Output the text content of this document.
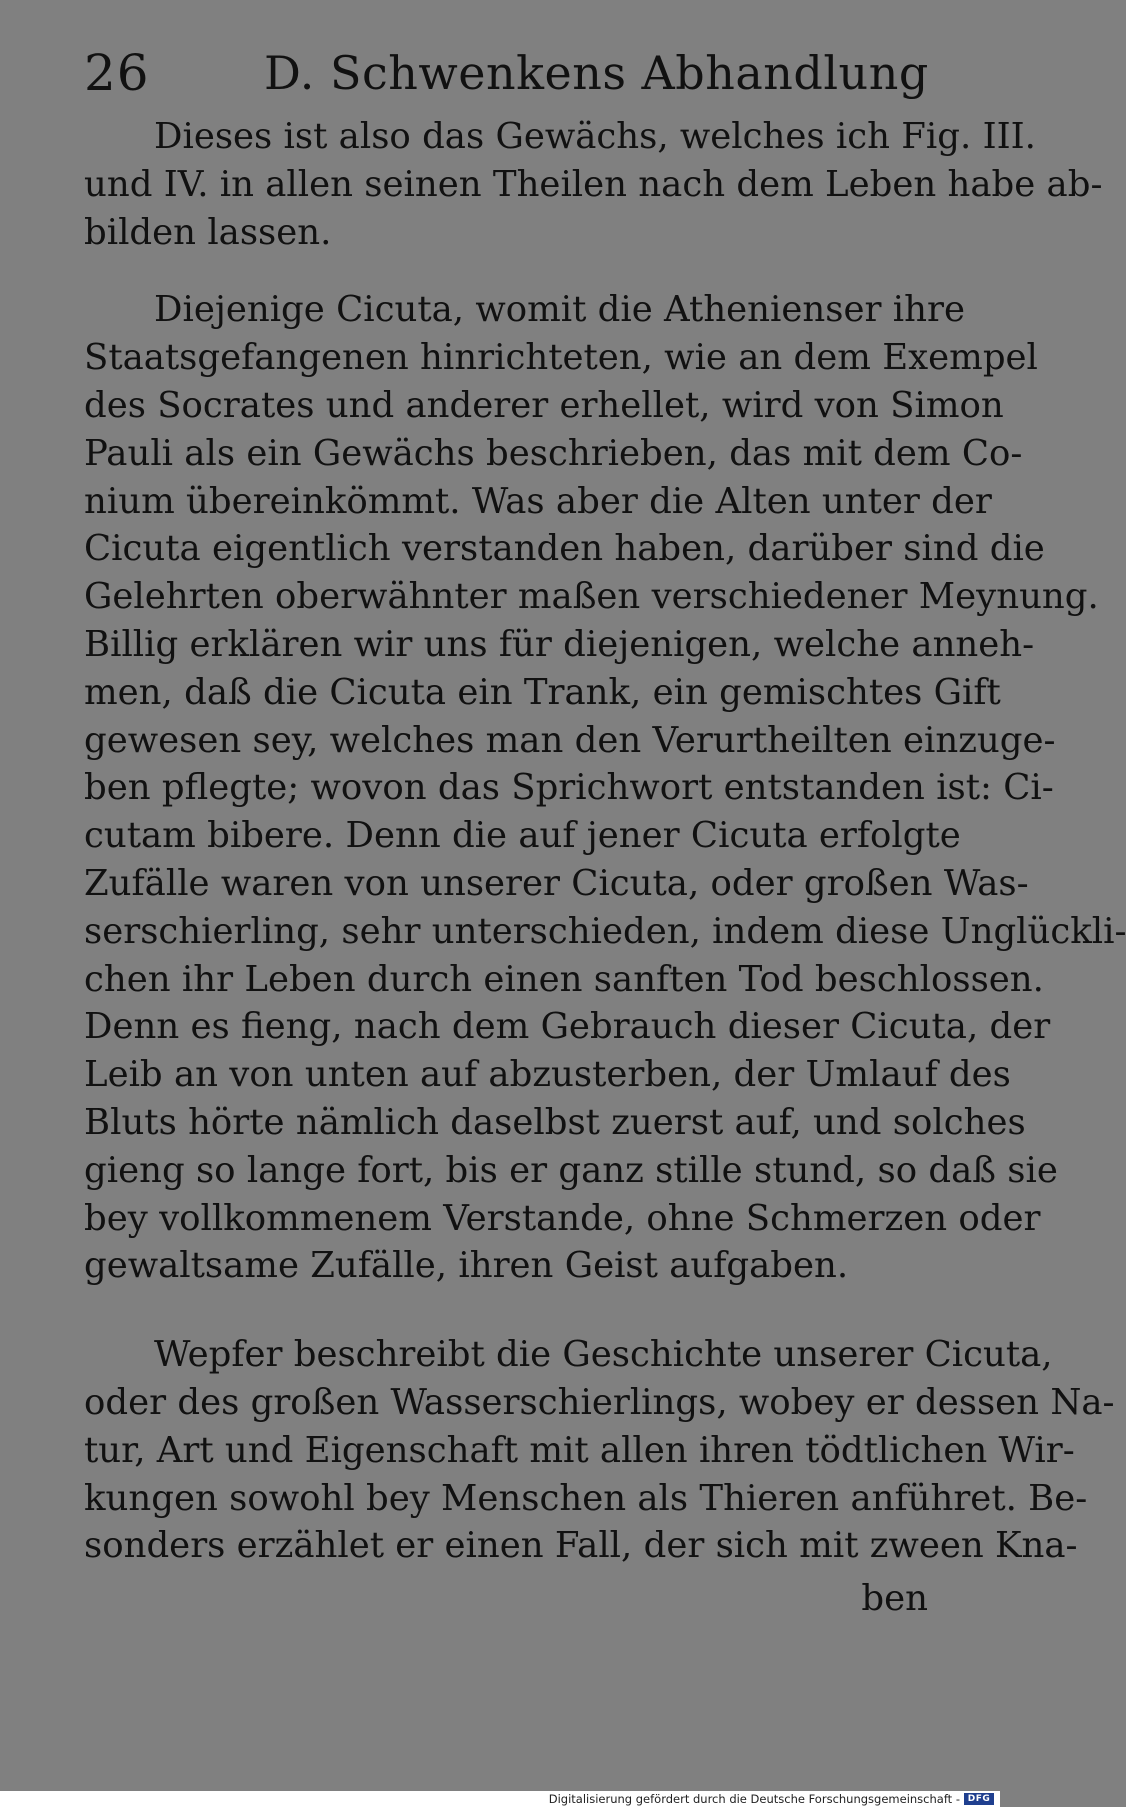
26 D. Schwenkens Abhandlung
Dieses ist also das Gewächs, welches ich Fig. III.
und IV. in allen seinen Theilen nach dem Leben habe ab-
bilden lassen.
Diejenige Cicuta, womit die Athenienser ihre
Staatsgefangenen hinrichteten, wie an dem Exempel
des Socrates und anderer erhellet, wird von Simon
Pauli als ein Gewächs beschrieben, das mit dem Co-
nium übereinkömmt. Was aber die Alten unter der
Cicuta eigentlich verstanden haben, darüber sind die
Gelehrten oberwähnter maßen verschiedener Meynung.
Billig erklären wir uns für diejenigen, welche anneh-
men, daß die Cicuta ein Trank, ein gemischtes Gift
gewesen sey, welches man den Verurtheilten einzuge-
ben pflegte; wovon das Sprichwort entstanden ist: Ci-
cutam bibere. Denn die auf jener Cicuta erfolgte
Zufälle waren von unserer Cicuta, oder großen Was-
serschierling, sehr unterschieden, indem diese Unglückli-
chen ihr Leben durch einen sanften Tod beschlossen.
Denn es fieng, nach dem Gebrauch dieser Cicuta, der
Leib an von unten auf abzusterben, der Umlauf des
Bluts hörte nämlich daselbst zuerst auf, und solches
gieng so lange fort, bis er ganz stille stund, so daß sie
bey vollkommenem Verstande, ohne Schmerzen oder
gewaltsame Zufälle, ihren Geist aufgaben.
Wepfer beschreibt die Geschichte unserer Cicuta,
oder des großen Wasserschierlings, wobey er dessen Na-
tur, Art und Eigenschaft mit allen ihren tödtlichen Wir-
kungen sowohl bey Menschen als Thieren anführet. Be-
sonders erzählet er einen Fall, der sich mit zween Kna-
ben
Digitalisierung gefördert durch die Deutsche Forschungsgemeinschaft - DFG
